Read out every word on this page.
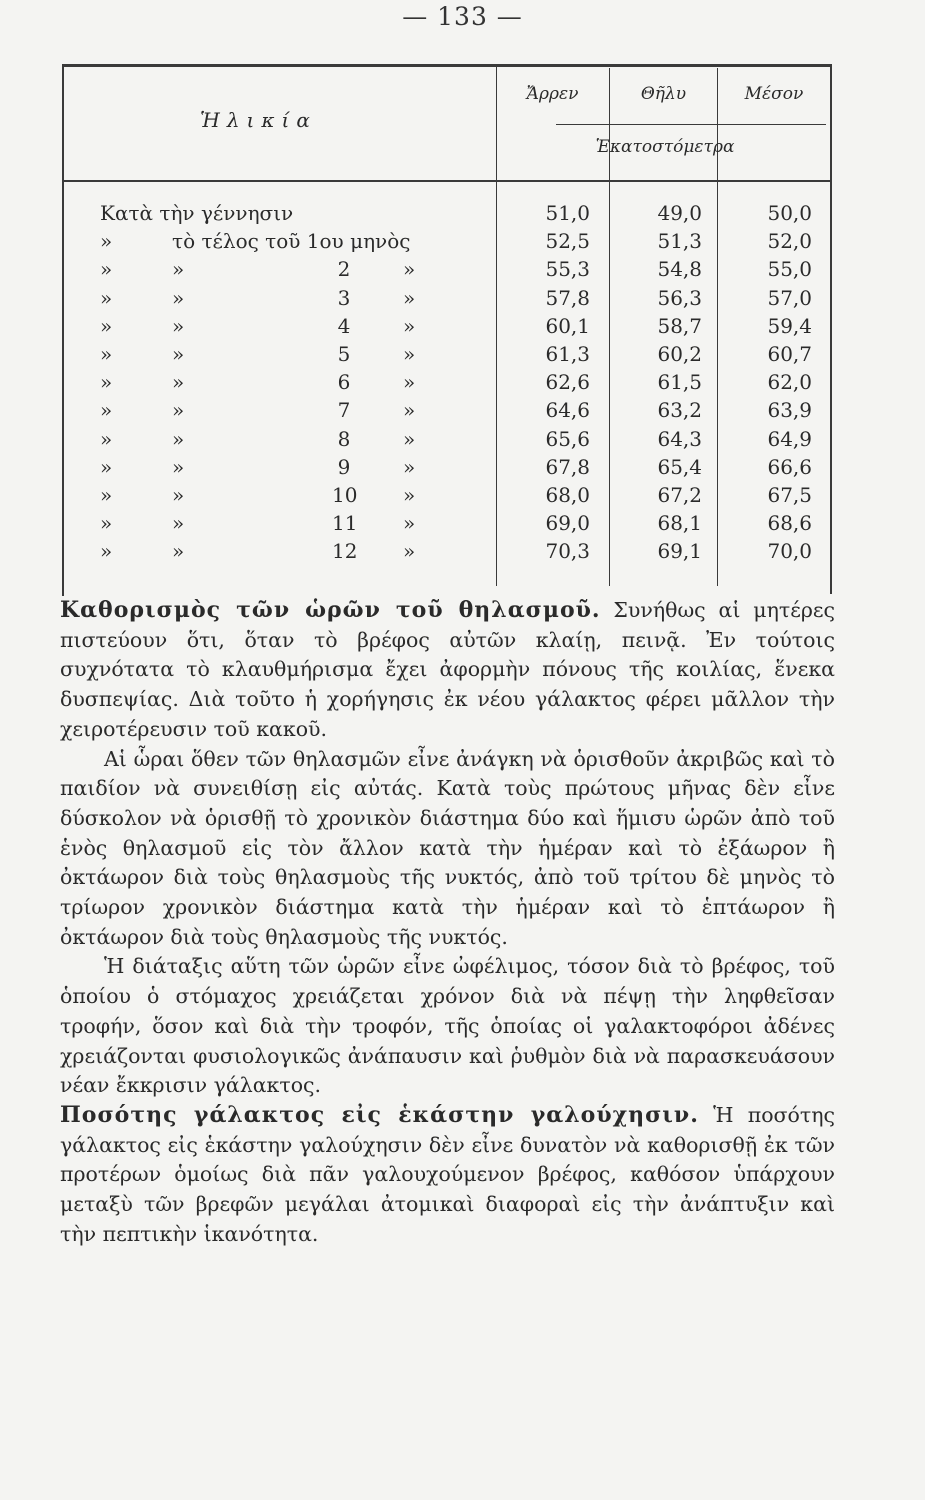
— 133 —
Ἡλικία
Ἄρρεν	Θῆλυ	Μέσον
Ἑκατοστόμετρα
Κατὰ τὴν γέννησιν	51,0	49,0	50,0
»	τὸ τέλος τοῦ 1ου μηνὸς	52,5	51,3	52,0
»	»	2	»	55,3	54,8	55,0
»	»	3	»	57,8	56,3	57,0
»	»	4	»	60,1	58,7	59,4
»	»	5	»	61,3	60,2	60,7
»	»	6	»	62,6	61,5	62,0
»	»	7	»	64,6	63,2	63,9
»	»	8	»	65,6	64,3	64,9
»	»	9	»	67,8	65,4	66,6
»	»	10 »	68,0	67,2	67,5
»	»	11 »	69,0	68,1	68,6
»	»	12 »	70,3	69,1	70,0

Καθορισμὸς τῶν ὡρῶν τοῦ θηλασμοῦ. Συνήθως αἱ μητέρες πιστεύουν ὅτι, ὅταν τὸ βρέφος αὐτῶν κλαίῃ, πεινᾷ. Ἐν τούτοις συχνότατα τὸ κλαυθμήρισμα ἔχει ἀφορμὴν πόνους τῆς κοιλίας, ἕνεκα δυσπεψίας. Διὰ τοῦτο ἡ χορήγησις ἐκ νέου γάλακτος φέρει μᾶλλον τὴν χειροτέρευσιν τοῦ κακοῦ.

Αἱ ὧραι ὅθεν τῶν θηλασμῶν εἶνε ἀνάγκη νὰ ὁρισθοῦν ἀκριβῶς καὶ τὸ παιδίον νὰ συνειθίσῃ εἰς αὐτάς. Κατὰ τοὺς πρώτους μῆνας δὲν εἶνε δύσκολον νὰ ὁρισθῇ τὸ χρονικὸν διάστημα δύο καὶ ἥμισυ ὡρῶν ἀπὸ τοῦ ἑνὸς θηλασμοῦ εἰς τὸν ἄλλον κατὰ τὴν ἡμέραν καὶ τὸ ἐξάωρον ἢ ὀκτάωρον διὰ τοὺς θηλασμοὺς τῆς νυκτός, ἀπὸ τοῦ τρίτου δὲ μηνὸς τὸ τρίωρον χρονικὸν διάστημα κατὰ τὴν ἡμέραν καὶ τὸ ἑπτάωρον ἢ ὀκτάωρον διὰ τοὺς θηλασμοὺς τῆς νυκτός.

Ἡ διάταξις αὕτη τῶν ὡρῶν εἶνε ὠφέλιμος, τόσον διὰ τὸ βρέφος, τοῦ ὁποίου ὁ στόμαχος χρειάζεται χρόνον διὰ νὰ πέψῃ τὴν ληφθεῖσαν τροφήν, ὅσον καὶ διὰ τὴν τροφόν, τῆς ὁποίας οἱ γαλακτοφόροι ἀδένες χρειάζονται φυσιολογικῶς ἀνάπαυσιν καὶ ῥυθμὸν διὰ νὰ παρασκευάσουν νέαν ἔκκρισιν γάλακτος.

Ποσότης γάλακτος εἰς ἑκάστην γαλούχησιν. Ἡ ποσότης γάλακτος εἰς ἑκάστην γαλούχησιν δὲν εἶνε δυνατὸν νὰ καθορισθῇ ἐκ τῶν προτέρων ὁμοίως διὰ πᾶν γαλουχούμενον βρέφος, καθόσον ὑπάρχουν μεταξὺ τῶν βρεφῶν μεγάλαι ἀτομικαὶ διαφοραὶ εἰς τὴν ἀνάπτυξιν καὶ τὴν πεπτικὴν ἱκανότητα.
